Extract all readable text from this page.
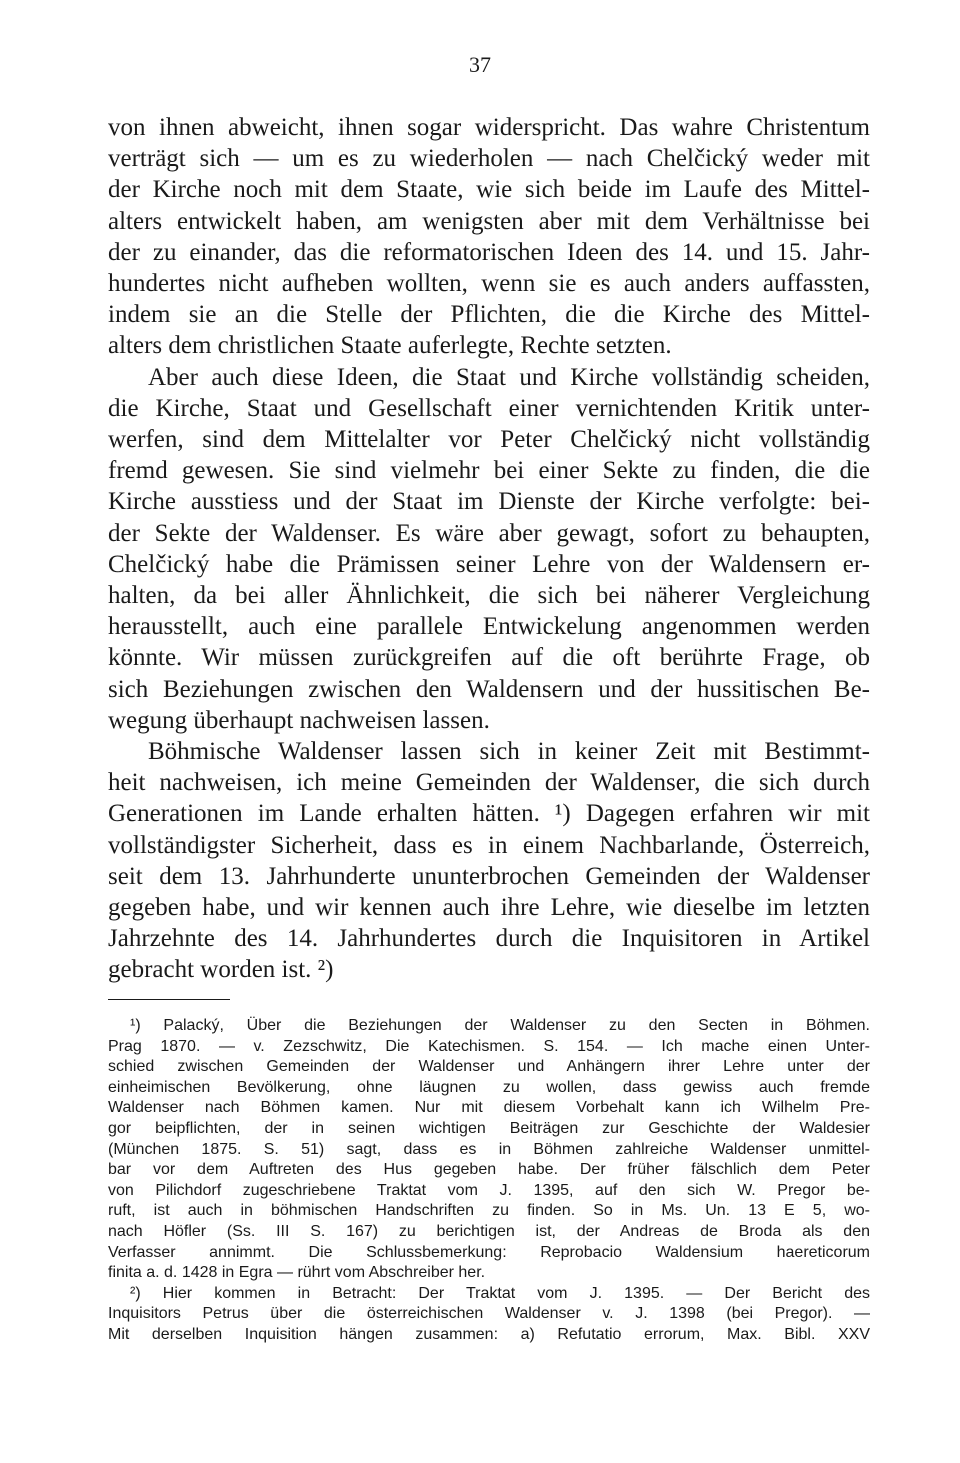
37
von ihnen abweicht, ihnen sogar widerspricht. Das wahre Christentum
verträgt sich — um es zu wiederholen — nach Chelčický weder mit
der Kirche noch mit dem Staate, wie sich beide im Laufe des Mittel-
alters entwickelt haben, am wenigsten aber mit dem Verhältnisse bei
der zu einander, das die reformatorischen Ideen des 14. und 15. Jahr-
hundertes nicht aufheben wollten, wenn sie es auch anders auffassten,
indem sie an die Stelle der Pflichten, die die Kirche des Mittel-
alters dem christlichen Staate auferlegte, Rechte setzten.
Aber auch diese Ideen, die Staat und Kirche vollständig scheiden,
die Kirche, Staat und Gesellschaft einer vernichtenden Kritik unter-
werfen, sind dem Mittelalter vor Peter Chelčický nicht vollständig
fremd gewesen. Sie sind vielmehr bei einer Sekte zu finden, die die
Kirche ausstiess und der Staat im Dienste der Kirche verfolgte: bei-
der Sekte der Waldenser. Es wäre aber gewagt, sofort zu behaupten,
Chelčický habe die Prämissen seiner Lehre von der Waldensern er-
halten, da bei aller Ähnlichkeit, die sich bei näherer Vergleichung
herausstellt, auch eine parallele Entwickelung angenommen werden
könnte. Wir müssen zurückgreifen auf die oft berührte Frage, ob
sich Beziehungen zwischen den Waldensern und der hussitischen Be-
wegung überhaupt nachweisen lassen.
Böhmische Waldenser lassen sich in keiner Zeit mit Bestimmt-
heit nachweisen, ich meine Gemeinden der Waldenser, die sich durch
Generationen im Lande erhalten hätten. ¹) Dagegen erfahren wir mit
vollständigster Sicherheit, dass es in einem Nachbarlande, Österreich,
seit dem 13. Jahrhunderte ununterbrochen Gemeinden der Waldenser
gegeben habe, und wir kennen auch ihre Lehre, wie dieselbe im letzten
Jahrzehnte des 14. Jahrhundertes durch die Inquisitoren in Artikel
gebracht worden ist. ²)
¹) Palacký, Über die Beziehungen der Waldenser zu den Secten in Böhmen.
Prag 1870. — v. Zezschwitz, Die Katechismen. S. 154. — Ich mache einen Unter-
schied zwischen Gemeinden der Waldenser und Anhängern ihrer Lehre unter der
einheimischen Bevölkerung, ohne läugnen zu wollen, dass gewiss auch fremde
Waldenser nach Böhmen kamen. Nur mit diesem Vorbehalt kann ich Wilhelm Pre-
gor beipflichten, der in seinen wichtigen Beiträgen zur Geschichte der Waldesier
(München 1875. S. 51) sagt, dass es in Böhmen zahlreiche Waldenser unmittel-
bar vor dem Auftreten des Hus gegeben habe. Der früher fälschlich dem Peter
von Pilichdorf zugeschriebene Traktat vom J. 1395, auf den sich W. Pregor be-
ruft, ist auch in böhmischen Handschriften zu finden. So in Ms. Un. 13 E 5, wo-
nach Höfler (Ss. III S. 167) zu berichtigen ist, der Andreas de Broda als den
Verfasser annimmt. Die Schlussbemerkung: Reprobacio Waldensium haereticorum
finita a. d. 1428 in Egra — rührt vom Abschreiber her.
²) Hier kommen in Betracht: Der Traktat vom J. 1395. — Der Bericht des
Inquisitors Petrus über die österreichischen Waldenser v. J. 1398 (bei Pregor). —
Mit derselben Inquisition hängen zusammen: a) Refutatio errorum, Max. Bibl. XXV
